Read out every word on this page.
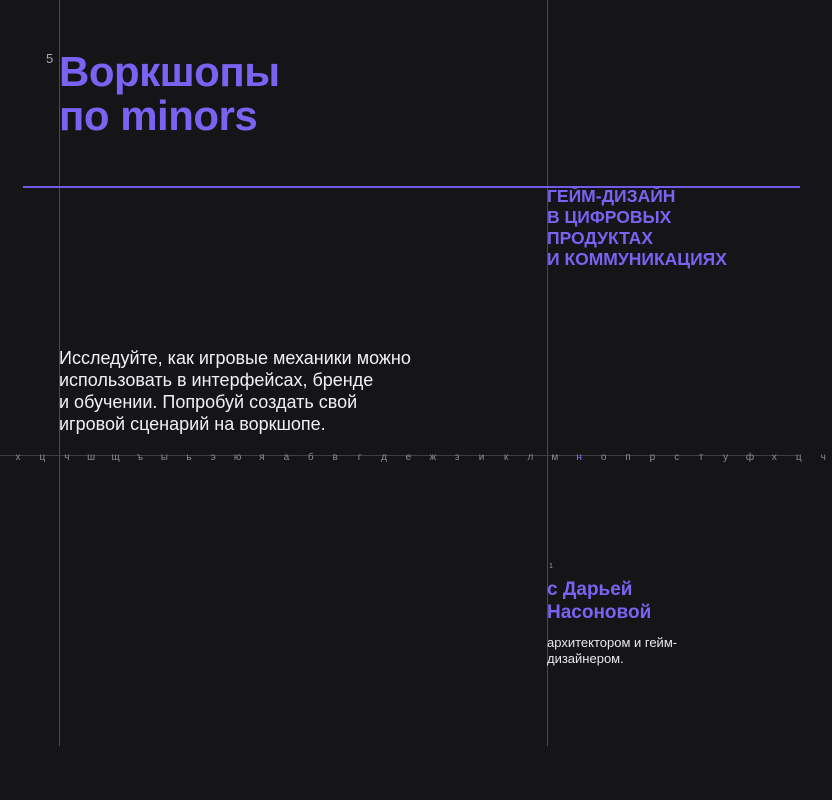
5 Воркшопы
по minors
ГЕЙМ-ДИЗАЙН
В ЦИФРОВЫХ
ПРОДУКТАХ
И КОММУНИКАЦИЯХ
Исследуйте, как игровые механики можно
использовать в интерфейсах, бренде
и обучении. Попробуй создать свой
игровой сценарий на воркшопе.
х	ц	ч	ш	щ	ъ	ы	ь	э	ю	я	а	б	в	г	д	е	ж	з	и	к	л	м	н	о	п	р	с	т	у	ф	х	ц	ч
1
с Дарьей
Насоновой
архитектором и гейм-
дизайнером.
